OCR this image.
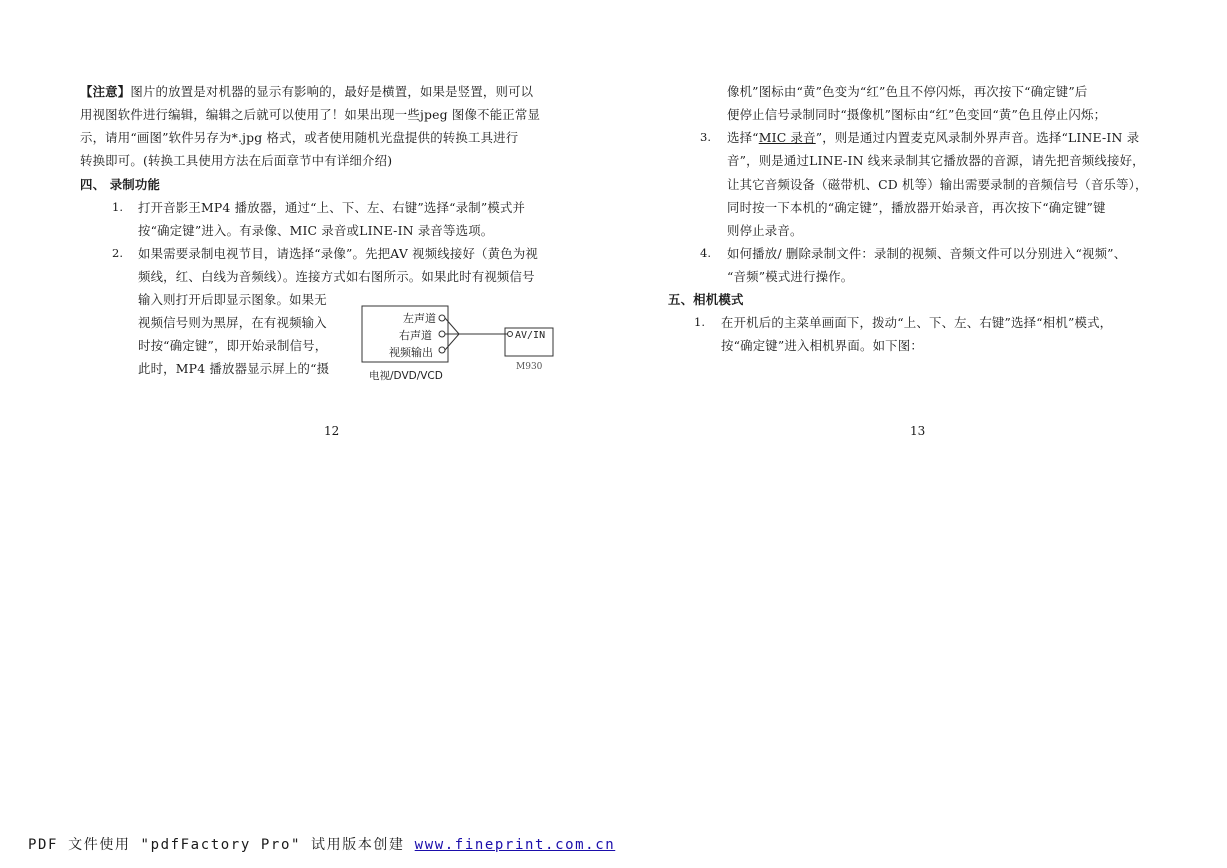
【注意】图片的放置是对机器的显示有影响的，最好是横置，如果是竖置，则可以
用视图软件进行编辑，编辑之后就可以使用了！如果出现一些jpeg 图像不能正常显
示，请用“画图”软件另存为*.jpg 格式，或者使用随机光盘提供的转换工具进行
转换即可。(转换工具使用方法在后面章节中有详细介绍)
四、 录制功能
1. 打开音影王MP4 播放器，通过“上、下、左、右键”选择“录制”模式并
按“确定键”进入。有录像、MIC 录音或LINE-IN 录音等选项。
2. 如果需要录制电视节目，请选择“录像”。先把AV 视频线接好（黄色为视
频线，红、白线为音频线）。连接方式如右图所示。如果此时有视频信号
输入则打开后即显示图象。如果无
视频信号则为黑屏，在有视频输入
时按“确定键”，即开始录制信号，
此时，MP4 播放器显示屏上的“摄
左声道
右声道
视频输出
AV/IN
M930
电视/DVD/VCD
12
像机”图标由“黄”色变为“红”色且不停闪烁，再次按下“确定键”后
便停止信号录制同时“摄像机”图标由“红”色变回“黄”色且停止闪烁；
3. 选择“MIC 录音”，则是通过内置麦克风录制外界声音。选择“LINE-IN 录
音”，则是通过LINE-IN 线来录制其它播放器的音源，请先把音频线接好，
让其它音频设备（磁带机、CD 机等）输出需要录制的音频信号（音乐等），
同时按一下本机的“确定键”，播放器开始录音，再次按下“确定键”键
则停止录音。
4. 如何播放/ 删除录制文件：录制的视频、音频文件可以分别进入“视频”、
“音频”模式进行操作。
五、相机模式
1. 在开机后的主菜单画面下，拨动“上、下、左、右键”选择“相机”模式，
按“确定键”进入相机界面。如下图：
13
PDF 文件使用 "pdfFactory Pro" 试用版本创建 www.fineprint.com.cn
